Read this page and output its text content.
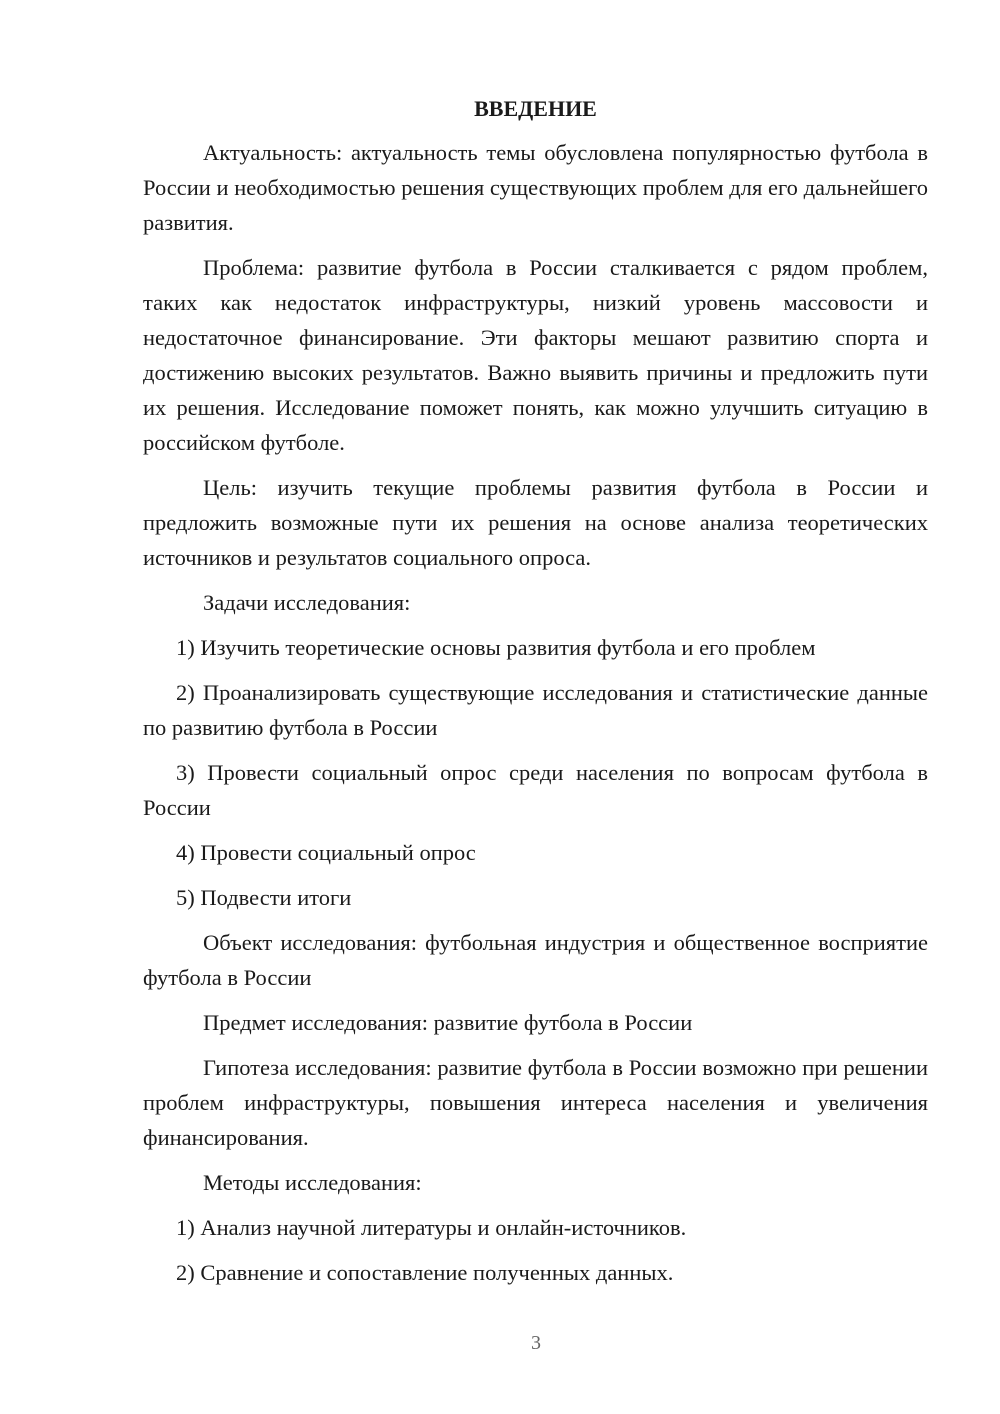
ВВЕДЕНИЕ

Актуальность: актуальность темы обусловлена популярностью футбола в России и необходимостью решения существующих проблем для его дальнейшего развития.

Проблема: развитие футбола в России сталкивается с рядом проблем, таких как недостаток инфраструктуры, низкий уровень массовости и недостаточное финансирование. Эти факторы мешают развитию спорта и достижению высоких результатов. Важно выявить причины и предложить пути их решения. Исследование поможет понять, как можно улучшить ситуацию в российском футболе.

Цель: изучить текущие проблемы развития футбола в России и предложить возможные пути их решения на основе анализа теоретических источников и результатов социального опроса.

Задачи исследования:

1) Изучить теоретические основы развития футбола и его проблем

2) Проанализировать существующие исследования и статистические данные по развитию футбола в России

3) Провести социальный опрос среди населения по вопросам футбола в России

4) Провести социальный опрос

5) Подвести итоги

Объект исследования: футбольная индустрия и общественное восприятие футбола в России

Предмет исследования: развитие футбола в России

Гипотеза исследования: развитие футбола в России возможно при решении проблем инфраструктуры, повышения интереса населения и увеличения финансирования.

Методы исследования:

1) Анализ научной литературы и онлайн-источников.

2) Сравнение и сопоставление полученных данных.

3
